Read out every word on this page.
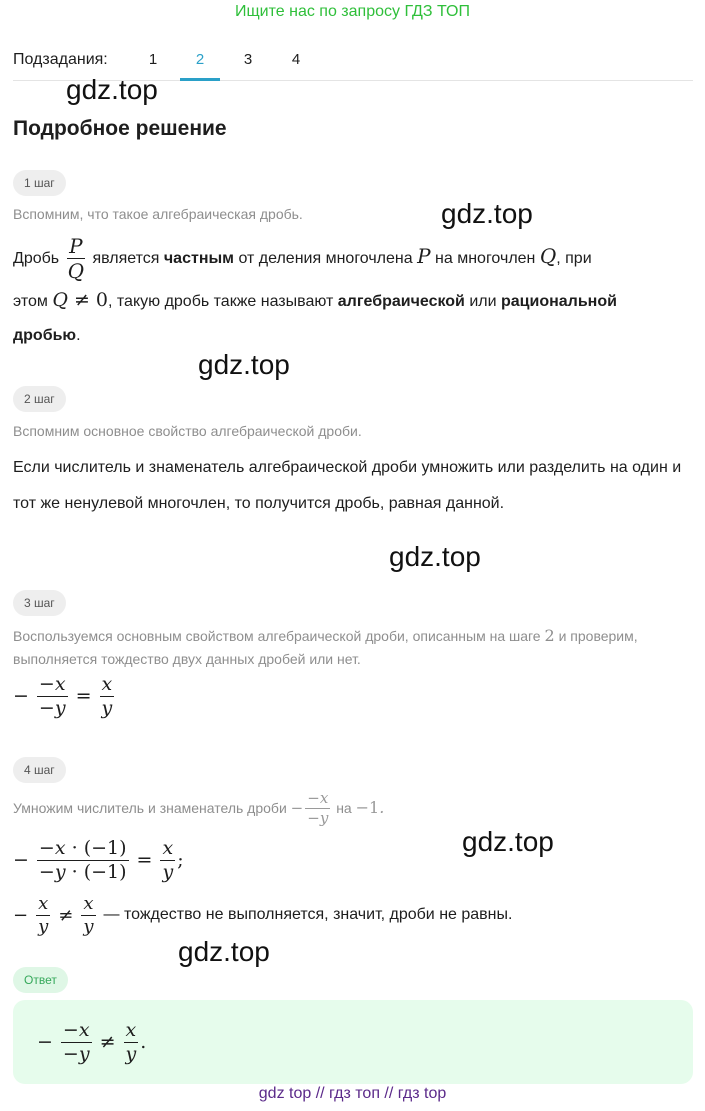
Ищите нас по запросу ГДЗ ТОП
Подзадания:	1	2	3	4
gdz.top
Подробное решение
1 шаг
Вспомним, что такое алгебраическая дробь.	gdz.top
Дробь $\frac{P}{Q}$ является частным от деления многочлена P на многочлен Q, при
этом Q ≠ 0, такую дробь также называют алгебраической или рациональной
дробью.
gdz.top
2 шаг
Вспомним основное свойство алгебраической дроби.
Если числитель и знаменатель алгебраической дроби умножить или разделить на один и тот же ненулевой многочлен, то получится дробь, равная данной.
gdz.top
3 шаг
Воспользуемся основным свойством алгебраической дроби, описанным на шаге 2 и проверим, выполняется тождество двух данных дробей или нет.
− $\frac{-x}{-y} = \frac{x}{y}$
4 шаг
Умножим числитель и знаменатель дроби
− $\frac{-x}{-y}$
на
−1.
gdz.top
− $\frac{-x \cdot (-1)}{-y \cdot (-1)} = \frac{x}{y}$ ;
− $\frac{x}{y} \ne \frac{x}{y}$ — тождество не выполняется, значит, дроби не равны.
gdz.top
Ответ
− $\frac{-x}{-y} \ne \frac{x}{y}$ .
gdz top // гдз топ // гдз top
